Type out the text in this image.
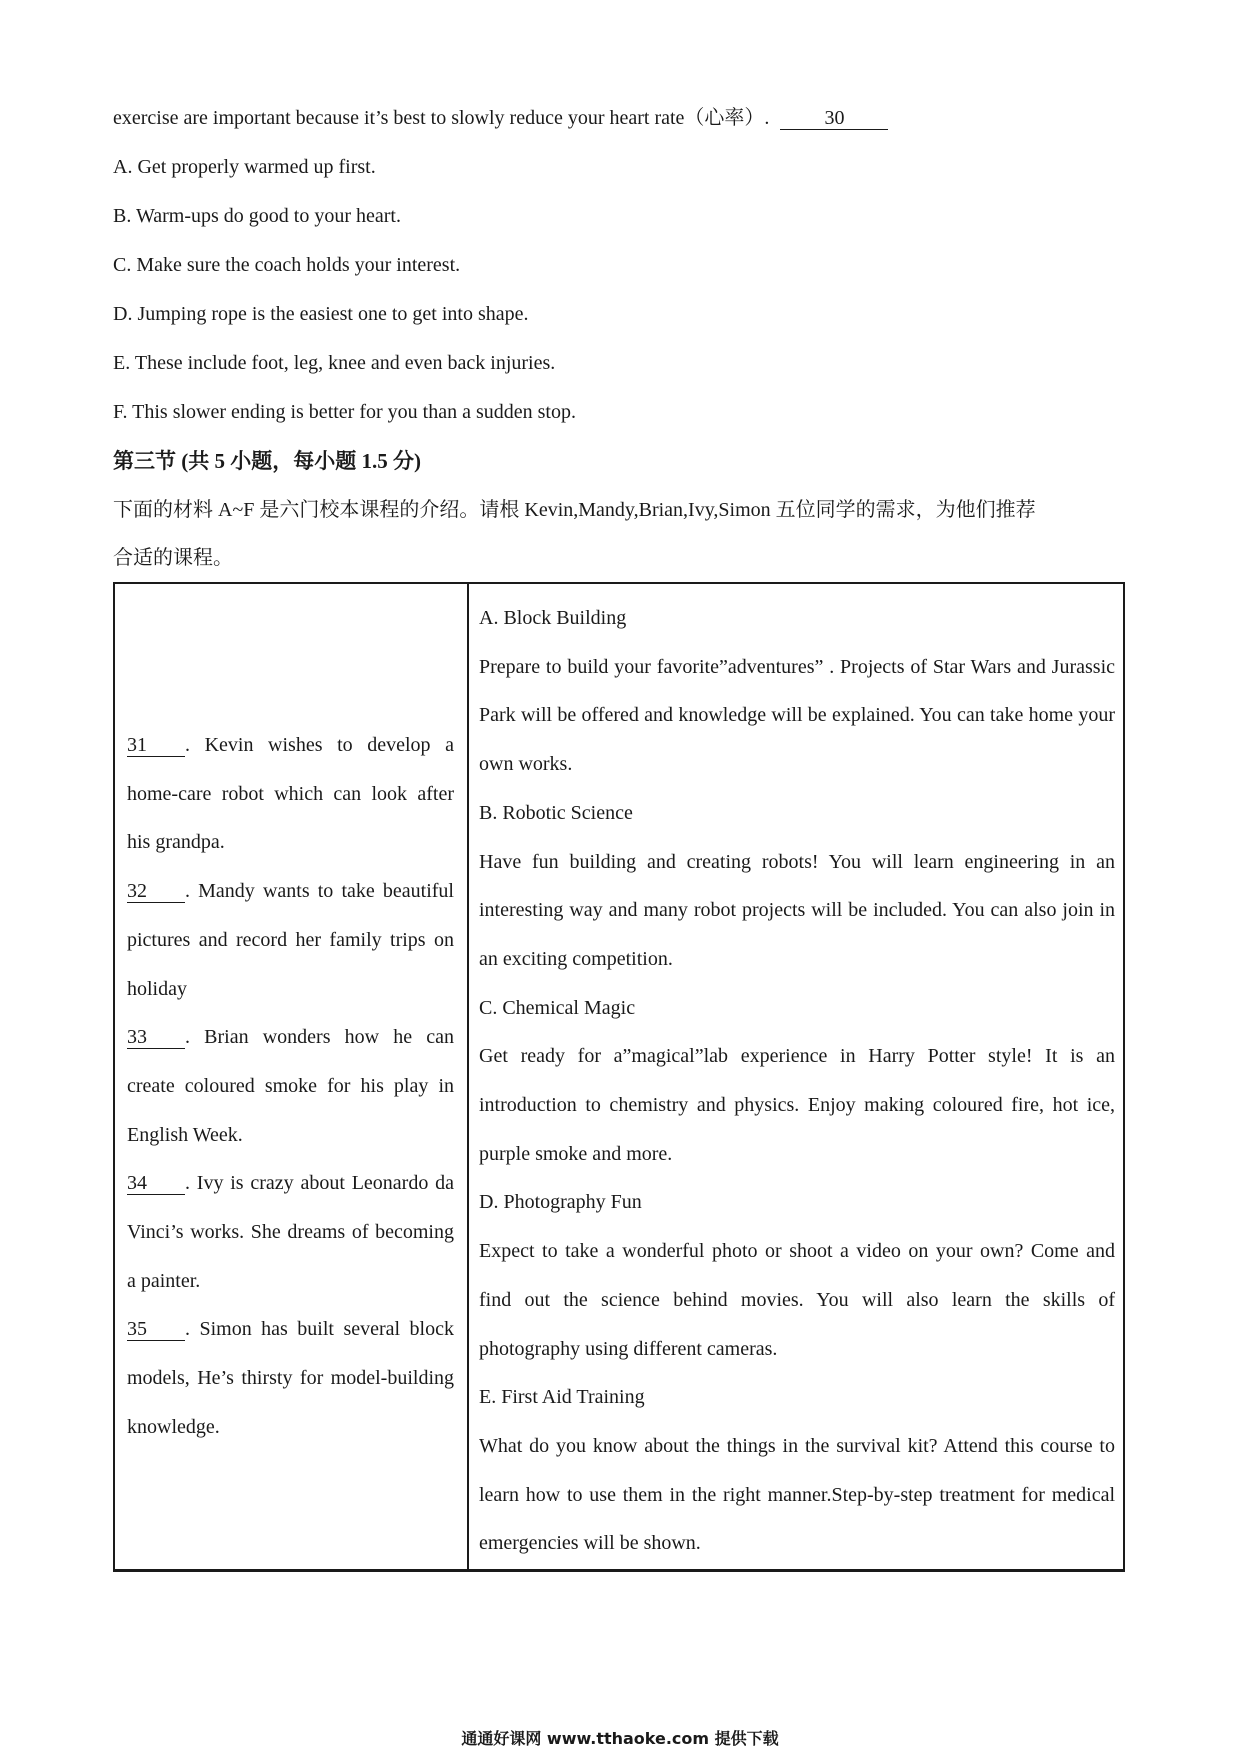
exercise are important because it’s best to slowly reduce your heart rate（心率）.	30
A. Get properly warmed up first.
B. Warm-ups do good to your heart.
C. Make sure the coach holds your interest.
D. Jumping rope is the easiest one to get into shape.
E. These include foot, leg, knee and even back injuries.
F. This slower ending is better for you than a sudden stop.
第三节 (共 5 小题，每小题 1.5 分)
下面的材料 A~F 是六门校本课程的介绍。请根 Kevin,Mandy,Brian,Ivy,Simon 五位同学的需求，为他们推荐
合适的课程。

31 . Kevin wishes to develop a home-care robot which can look after his grandpa.

32 . Mandy wants to take beautiful pictures and record her family trips on holiday

33 . Brian wonders how he can create coloured smoke for his play in English Week.

34 . Ivy is crazy about Leonardo da Vinci’s works. She dreams of becoming a painter.

35 . Simon has built several block models, He’s thirsty for model-building knowledge.

A. Block Building

Prepare to build your favorite”adventures” . Projects of Star Wars and Jurassic Park will be offered and knowledge will be explained. You can take home your own works.

B. Robotic Science

Have fun building and creating robots! You will learn engineering in an interesting way and many robot projects will be included. You can also join in an exciting competition.

C. Chemical Magic

Get ready for a”magical”lab experience in Harry Potter style! It is an introduction to chemistry and physics. Enjoy making coloured fire, hot ice, purple smoke and more.

D. Photography Fun

Expect to take a wonderful photo or shoot a video on your own? Come and find out the science behind movies. You will also learn the skills of photography using different cameras.

E. First Aid Training

What do you know about the things in the survival kit? Attend this course to learn how to use them in the right manner.Step-by-step treatment for medical emergencies will be shown.

通通好课网 www.tthaoke.com 提供下载
